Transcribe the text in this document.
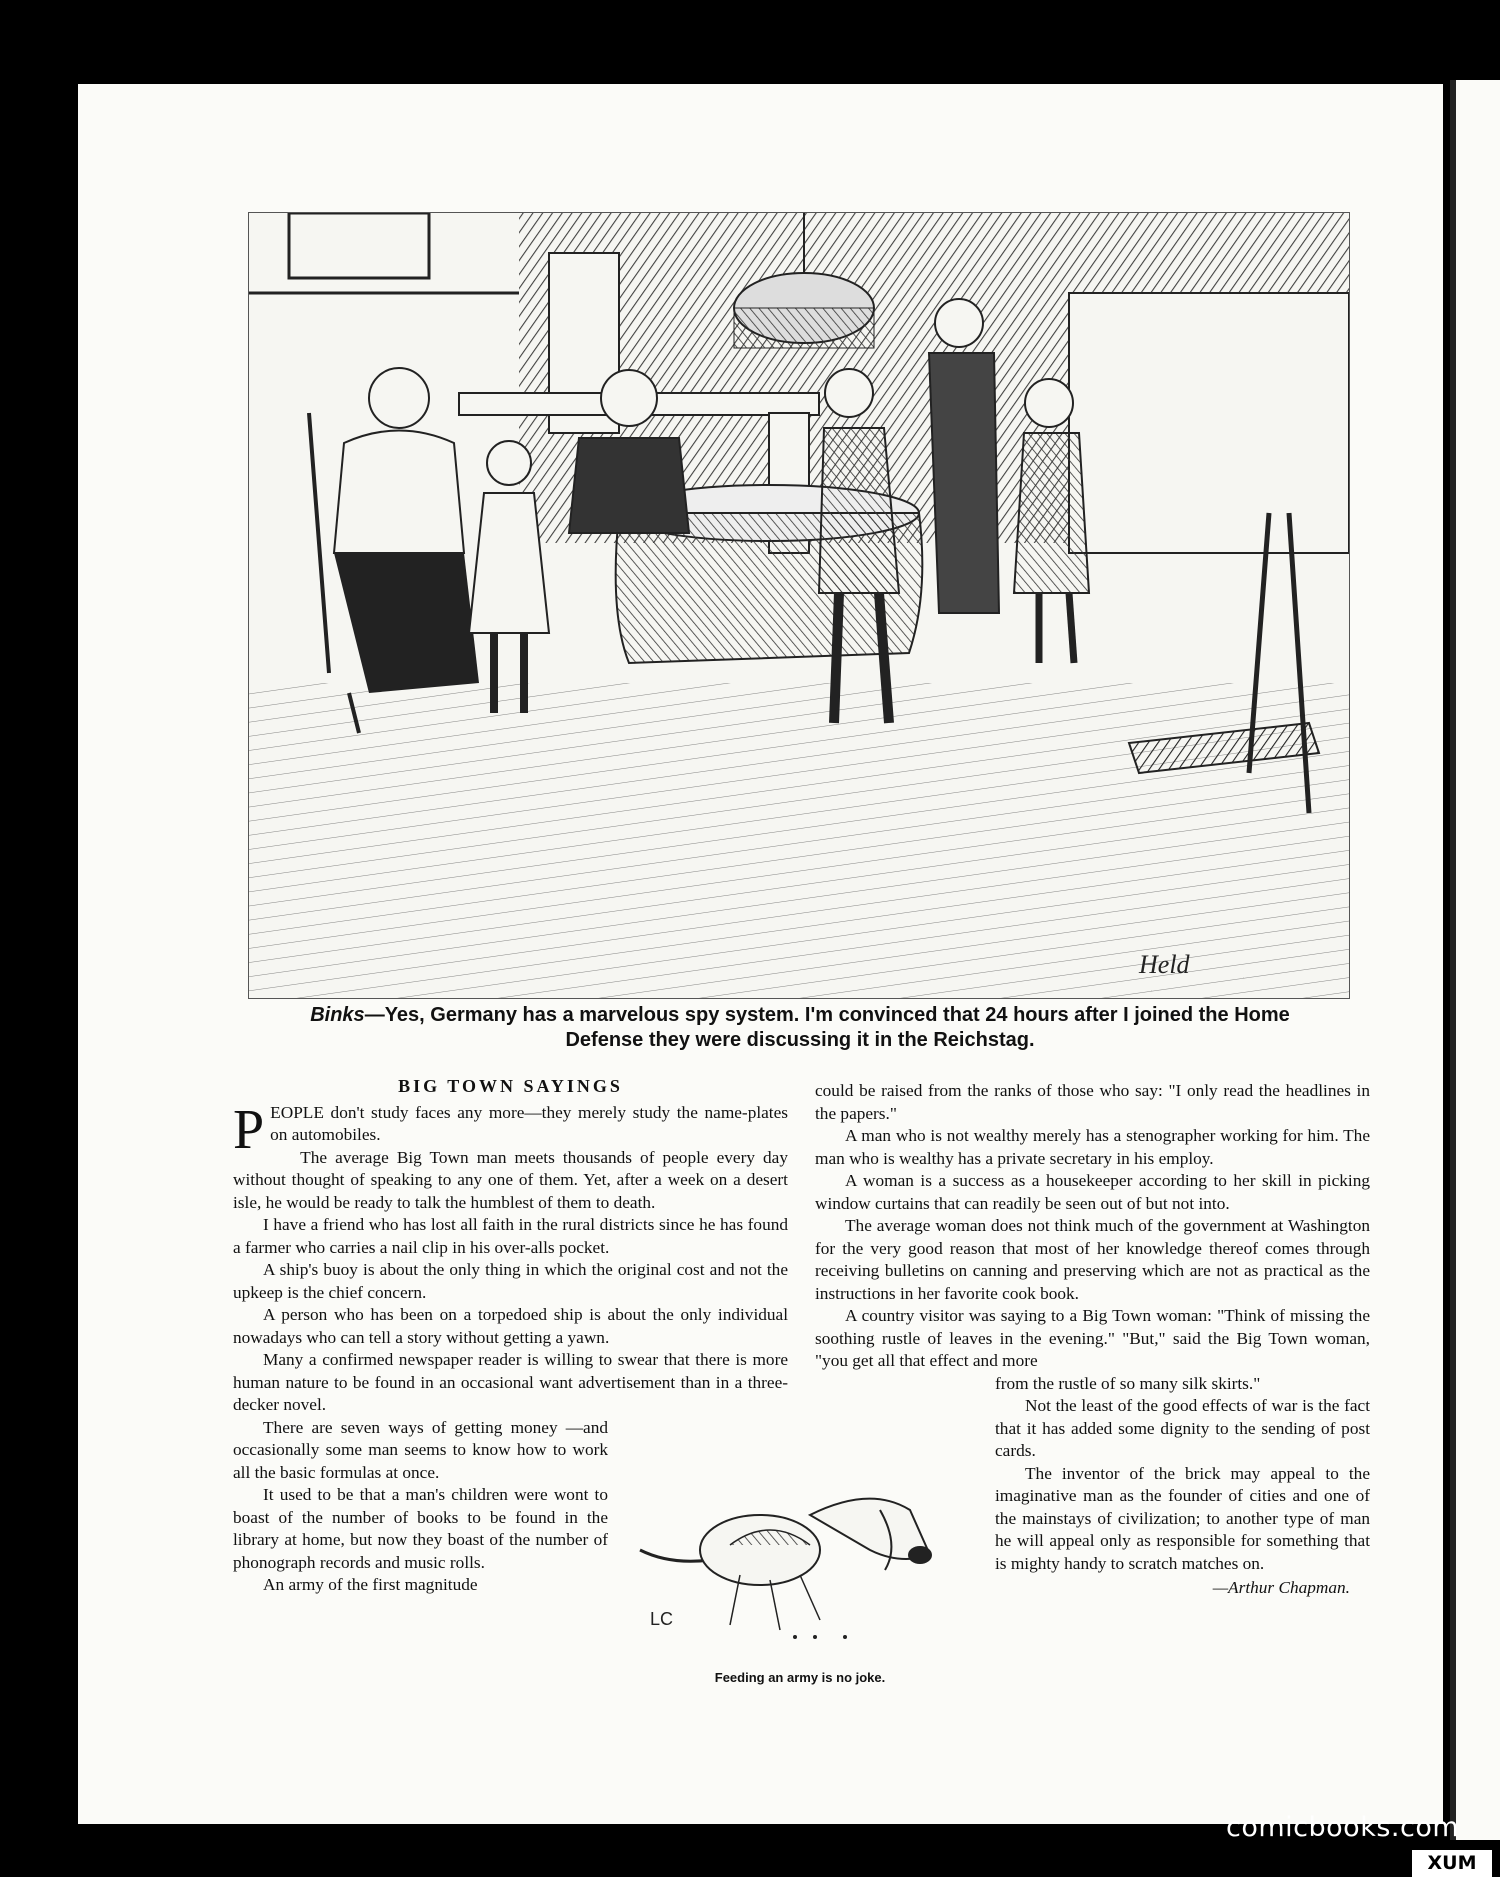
Held
Binks—Yes, Germany has a marvelous spy system. I'm convinced that 24 hours after I joined the Home Defense they were discussing it in the Reichstag.
BIG TOWN SAYINGS

PEOPLE don't study faces any more—they merely study the name-plates on automobiles.

The average Big Town man meets thousands of people every day without thought of speaking to any one of them. Yet, after a week on a desert isle, he would be ready to talk the humblest of them to death.

I have a friend who has lost all faith in the rural districts since he has found a farmer who carries a nail clip in his over-alls pocket.

A ship's buoy is about the only thing in which the original cost and not the upkeep is the chief concern.

A person who has been on a torpedoed ship is about the only individual nowadays who can tell a story without getting a yawn.

Many a confirmed newspaper reader is willing to swear that there is more human nature to be found in an occasional want advertisement than in a three-decker novel.

There are seven ways of getting money —and occasionally some man seems to know how to work all the basic formulas at once.

It used to be that a man's children were wont to boast of the number of books to be found in the library at home, but now they boast of the number of phonograph records and music rolls.

An army of the first magnitude

could be raised from the ranks of those who say: "I only read the headlines in the papers."

A man who is not wealthy merely has a stenographer working for him. The man who is wealthy has a private secretary in his employ.

A woman is a success as a housekeeper according to her skill in picking window curtains that can readily be seen out of but not into.

The average woman does not think much of the government at Washington for the very good reason that most of her knowledge thereof comes through receiving bulletins on canning and preserving which are not as practical as the instructions in her favorite cook book.

A country visitor was saying to a Big Town woman: "Think of missing the soothing rustle of leaves in the evening." "But," said the Big Town woman, "you get all that effect and more

from the rustle of so many silk skirts."

Not the least of the good effects of war is the fact that it has added some dignity to the sending of post cards.

The inventor of the brick may appeal to the imaginative man as the founder of cities and one of the mainstays of civilization; to another type of man he will appeal only as responsible for something that is mighty handy to scratch matches on.

—Arthur Chapman.
LC
Feeding an army is no joke.
comicbooks.com
XUM
